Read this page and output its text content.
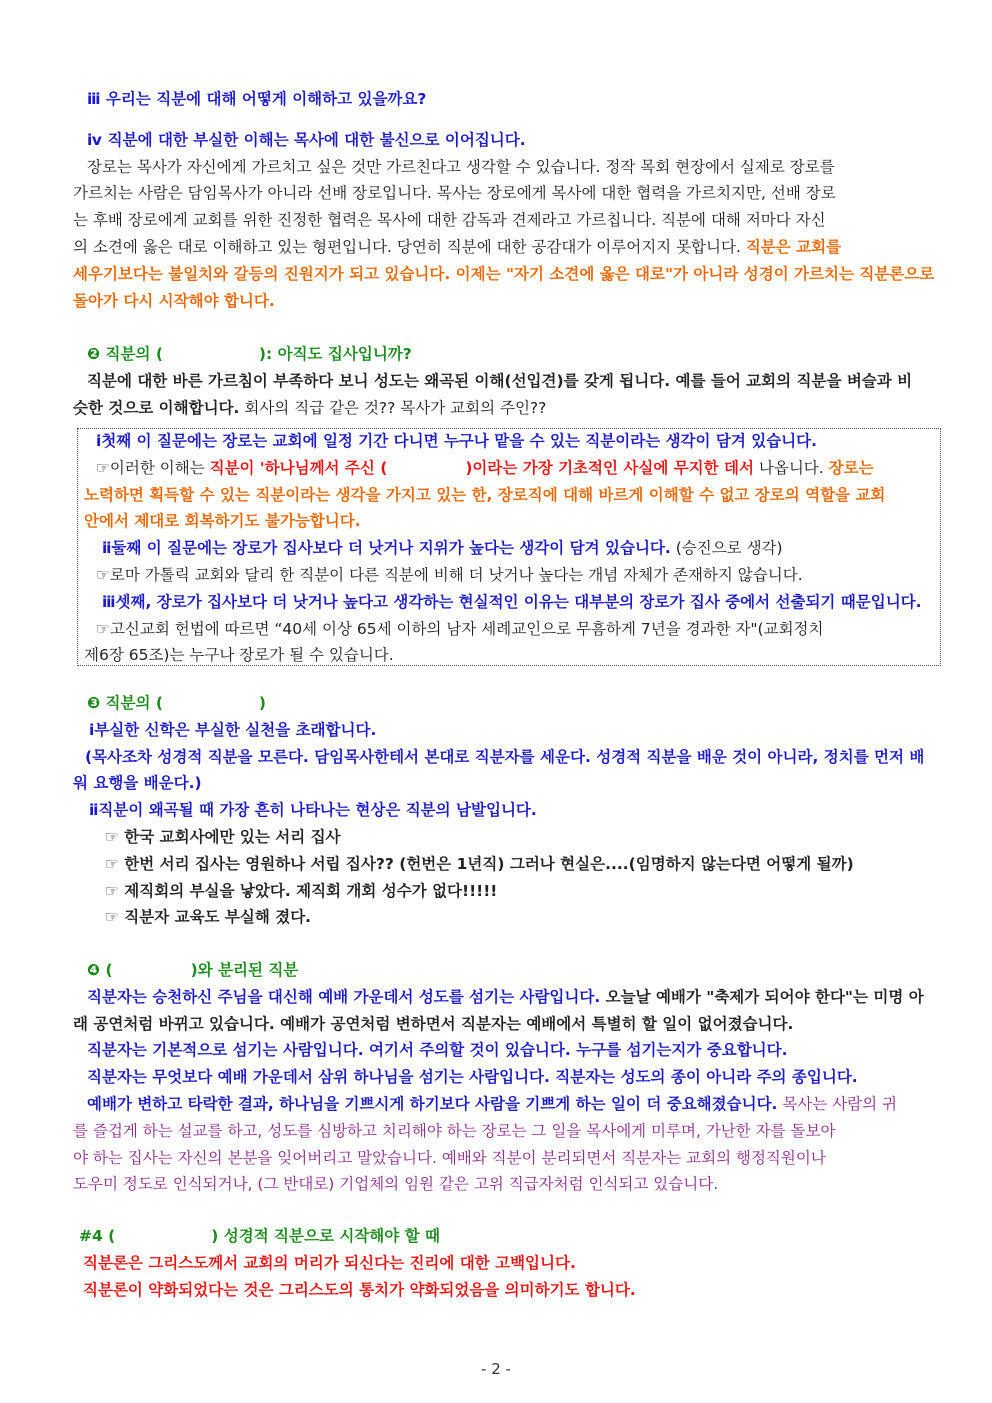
ⅲ 우리는 직분에 대해 어떻게 이해하고 있을까요?
ⅳ 직분에 대한 부실한 이해는 목사에 대한 불신으로 이어집니다.
장로는 목사가 자신에게 가르치고 싶은 것만 가르친다고 생각할 수 있습니다. 정작 목회 현장에서 실제로 장로를
가르치는 사람은 담임목사가 아니라 선배 장로입니다. 목사는 장로에게 목사에 대한 협력을 가르치지만, 선배 장로
는 후배 장로에게 교회를 위한 진정한 협력은 목사에 대한 감독과 견제라고 가르칩니다. 직분에 대해 저마다 자신
의 소견에 옳은 대로 이해하고 있는 형편입니다. 당연히 직분에 대한 공감대가 이루어지지 못합니다. 직분은 교회를
세우기보다는 불일치와 갈등의 진원지가 되고 있습니다. 이제는 "자기 소견에 옳은 대로"가 아니라 성경이 가르치는 직분론으로
돌아가 다시 시작해야 합니다.
❷ 직분의 (	): 아직도 집사입니까?
직분에 대한 바른 가르침이 부족하다 보니 성도는 왜곡된 이해(선입견)를 갖게 됩니다. 예를 들어 교회의 직분을 벼슬과 비
슷한 것으로 이해합니다. 회사의 직급 같은 것?? 목사가 교회의 주인??
ⅰ첫째 이 질문에는 장로는 교회에 일정 기간 다니면 누구나 맡을 수 있는 직분이라는 생각이 담겨 있습니다.
☞이러한 이해는 직분이 '하나님께서 주신 (	)이라는 가장 기초적인 사실에 무지한 데서 나옵니다. 장로는
노력하면 획득할 수 있는 직분이라는 생각을 가지고 있는 한, 장로직에 대해 바르게 이해할 수 없고 장로의 역할을 교회
안에서 제대로 회복하기도 불가능합니다.
ⅱ둘째 이 질문에는 장로가 집사보다 더 낫거나 지위가 높다는 생각이 담겨 있습니다. (승진으로 생각)
☞로마 가톨릭 교회와 달리 한 직분이 다른 직분에 비해 더 낫거나 높다는 개념 자체가 존재하지 않습니다.
ⅲ셋째, 장로가 집사보다 더 낫거나 높다고 생각하는 현실적인 이유는 대부분의 장로가 집사 중에서 선출되기 때문입니다.
☞고신교회 헌법에 따르면 “40세 이상 65세 이하의 남자 세례교인으로 무흠하게 7년을 경과한 자"(교회정치
제6장 65조)는 누구나 장로가 될 수 있습니다.
❸ 직분의 (	)
ⅰ부실한 신학은 부실한 실천을 초래합니다.
(목사조차 성경적 직분을 모른다. 담임목사한테서 본대로 직분자를 세운다. 성경적 직분을 배운 것이 아니라, 정치를 먼저 배
워 요행을 배운다.)
ⅱ직분이 왜곡될 때 가장 흔히 나타나는 현상은 직분의 남발입니다.
☞ 한국 교회사에만 있는 서리 집사
☞ 한번 서리 집사는 영원하나 서립 집사?? (헌번은 1년직) 그러나 현실은....(임명하지 않는다면 어떻게 될까)
☞ 제직회의 부실을 낳았다. 제직회 개회 성수가 없다!!!!!
☞ 직분자 교육도 부실해 졌다.
❹ (	)와 분리된 직분
직분자는 승천하신 주님을 대신해 예배 가운데서 성도를 섬기는 사람입니다. 오늘날 예배가 "축제가 되어야 한다"는 미명 아
래 공연처럼 바뀌고 있습니다. 예배가 공연처럼 변하면서 직분자는 예배에서 특별히 할 일이 없어졌습니다.
직분자는 기본적으로 섬기는 사람입니다. 여기서 주의할 것이 있습니다. 누구를 섬기는지가 중요합니다.
직분자는 무엇보다 예배 가운데서 삼위 하나님을 섬기는 사람입니다. 직분자는 성도의 종이 아니라 주의 종입니다.
예배가 변하고 타락한 결과, 하나님을 기쁘시게 하기보다 사람을 기쁘게 하는 일이 더 중요해졌습니다. 목사는 사람의 귀
를 즐겁게 하는 설교를 하고, 성도를 심방하고 치리해야 하는 장로는 그 일을 목사에게 미루며, 가난한 자를 돌보아
야 하는 집사는 자신의 본분을 잊어버리고 말았습니다. 예배와 직분이 분리되면서 직분자는 교회의 행정직원이나
도우미 정도로 인식되거나, (그 반대로) 기업체의 임원 같은 고위 직급자처럼 인식되고 있습니다.
#4 (	) 성경적 직분으로 시작해야 할 때
직분론은 그리스도께서 교회의 머리가 되신다는 진리에 대한 고백입니다.
직분론이 약화되었다는 것은 그리스도의 통치가 약화되었음을 의미하기도 합니다.
- 2 -
